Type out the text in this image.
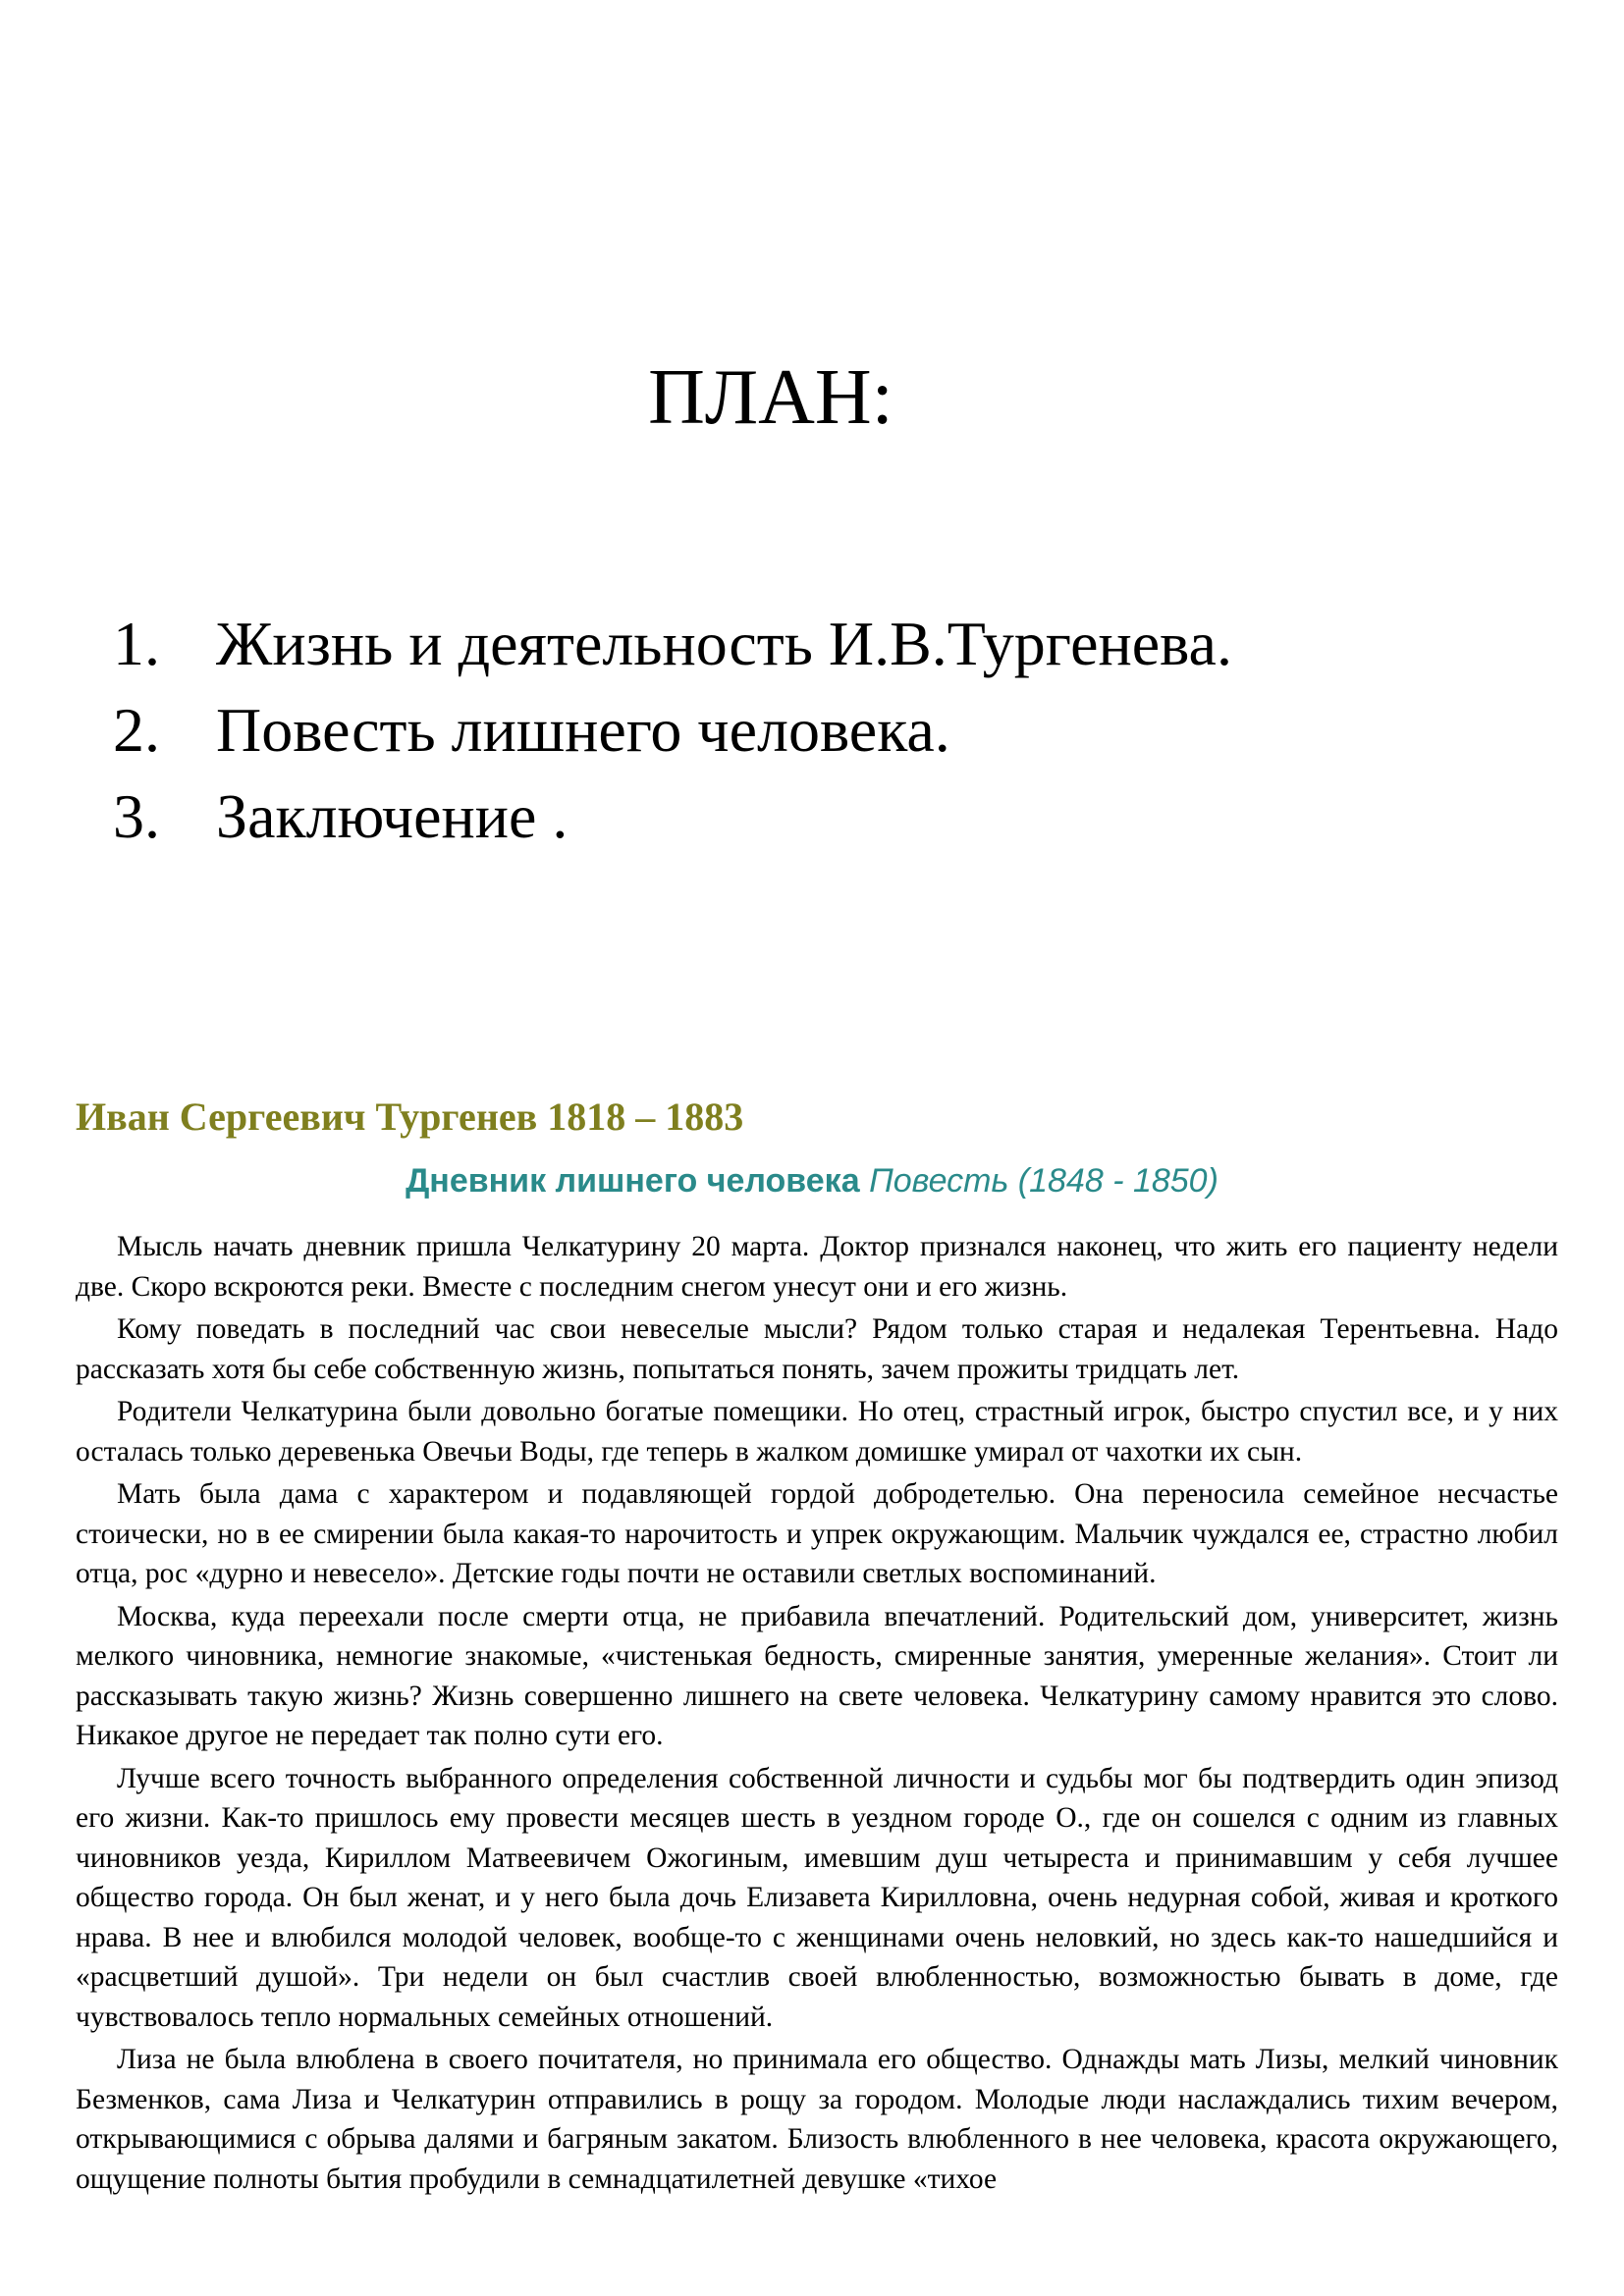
ПЛАН:
1. Жизнь и деятельность И.В.Тургенева.
2. Повесть лишнего человека.
3. Заключение .
Иван Сергеевич Тургенев 1818 – 1883
Дневник лишнего человека Повесть (1848 - 1850)

Мысль начать дневник пришла Челкатурину 20 марта. Доктор признался наконец, что жить его пациенту недели две. Скоро вскроются реки. Вместе с последним снегом унесут они и его жизнь.

Кому поведать в последний час свои невеселые мысли? Рядом только старая и недалекая Терентьевна. Надо рассказать хотя бы себе собственную жизнь, попытаться понять, зачем прожиты тридцать лет.

Родители Челкатурина были довольно богатые помещики. Но отец, страстный игрок, быстро спустил все, и у них осталась только деревенька Овечьи Воды, где теперь в жалком домишке умирал от чахотки их сын.

Мать была дама с характером и подавляющей гордой добродетелью. Она переносила семейное несчастье стоически, но в ее смирении была какая-то нарочитость и упрек окружающим. Мальчик чуждался ее, страстно любил отца, рос «дурно и невесело». Детские годы почти не оставили светлых воспоминаний.

Москва, куда переехали после смерти отца, не прибавила впечатлений. Родительский дом, университет, жизнь мелкого чиновника, немногие знакомые, «чистенькая бедность, смиренные занятия, умеренные желания». Стоит ли рассказывать такую жизнь? Жизнь совершенно лишнего на свете человека. Челкатурину самому нравится это слово. Никакое другое не передает так полно сути его.

Лучше всего точность выбранного определения собственной личности и судьбы мог бы подтвердить один эпизод его жизни. Как-то пришлось ему провести месяцев шесть в уездном городе О., где он сошелся с одним из главных чиновников уезда, Кириллом Матвеевичем Ожогиным, имевшим душ четыреста и принимавшим у себя лучшее общество города. Он был женат, и у него была дочь Елизавета Кирилловна, очень недурная собой, живая и кроткого нрава. В нее и влюбился молодой человек, вообще-то с женщинами очень неловкий, но здесь как-то нашедшийся и «расцветший душой». Три недели он был счастлив своей влюбленностью, возможностью бывать в доме, где чувствовалось тепло нормальных семейных отношений.

Лиза не была влюблена в своего почитателя, но принимала его общество. Однажды мать Лизы, мелкий чиновник Безменков, сама Лиза и Челкатурин отправились в рощу за городом. Молодые люди наслаждались тихим вечером, открывающимися с обрыва далями и багряным закатом. Близость влюбленного в нее человека, красота окружающего, ощущение полноты бытия пробудили в семнадцатилетней девушке «тихое
